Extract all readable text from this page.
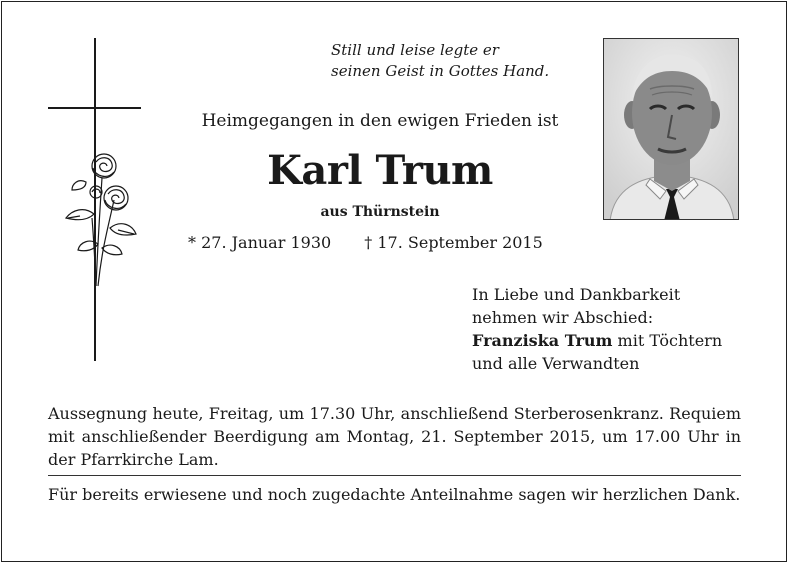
Still und leise legte er
seinen Geist in Gottes Hand.
Heimgegangen in den ewigen Frieden ist
Karl Trum
aus Thürnstein
* 27. Januar 1930 † 17. September 2015
In Liebe und Dankbarkeit
nehmen wir Abschied:
Franziska Trum mit Töchtern
und alle Verwandten
Aussegnung heute, Freitag, um 17.30 Uhr, anschließend Sterberosenkranz. Requiem mit anschließender Beerdigung am Montag, 21. September 2015, um 17.00 Uhr in der Pfarrkirche Lam.
Für bereits erwiesene und noch zugedachte Anteilnahme sagen wir herzlichen Dank.
